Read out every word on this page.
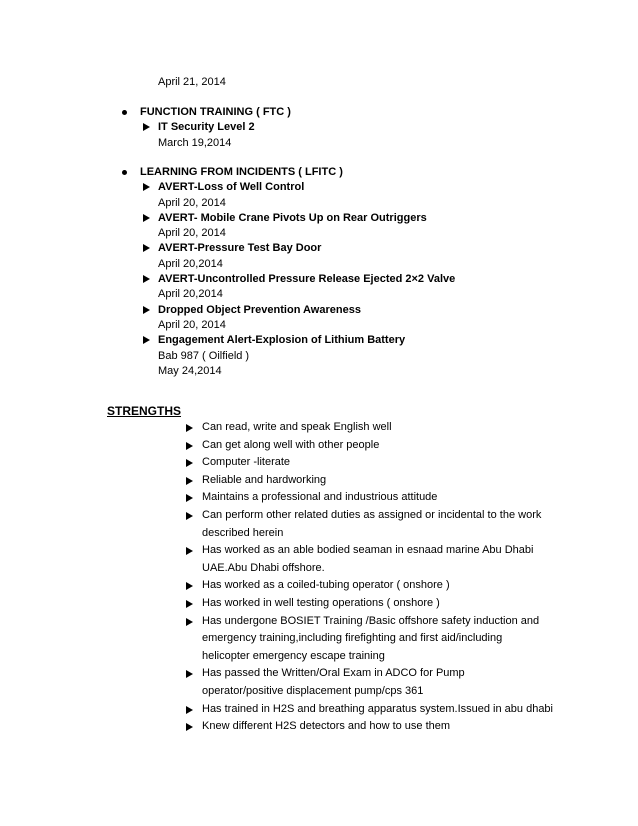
April 21, 2014
FUNCTION TRAINING ( FTC )
IT Security Level 2
March 19,2014
LEARNING FROM INCIDENTS ( LFITC )
AVERT-Loss of Well Control
April 20, 2014
AVERT- Mobile Crane Pivots Up on Rear Outriggers
April 20, 2014
AVERT-Pressure Test Bay Door
April 20,2014
AVERT-Uncontrolled Pressure Release Ejected 2×2 Valve
April 20,2014
Dropped Object Prevention Awareness
April 20, 2014
Engagement Alert-Explosion of Lithium Battery
Bab 987 ( Oilfield )
May 24,2014
STRENGTHS
Can read, write and speak English well
Can get along well with other people
Computer -literate
Reliable and hardworking
Maintains a professional and industrious attitude
Can perform other related duties as assigned or incidental to the work
described herein
Has worked as an able bodied seaman in esnaad marine Abu Dhabi
UAE.Abu Dhabi offshore.
Has worked as a coiled-tubing operator ( onshore )
Has worked in well testing operations ( onshore )
Has undergone BOSIET Training /Basic offshore safety induction and
emergency training,including firefighting and first aid/including
helicopter emergency escape training
Has passed the Written/Oral Exam in ADCO for Pump
operator/positive displacement pump/cps 361
Has trained in H2S and breathing apparatus system.Issued in abu dhabi
Knew different H2S detectors and how to use them
